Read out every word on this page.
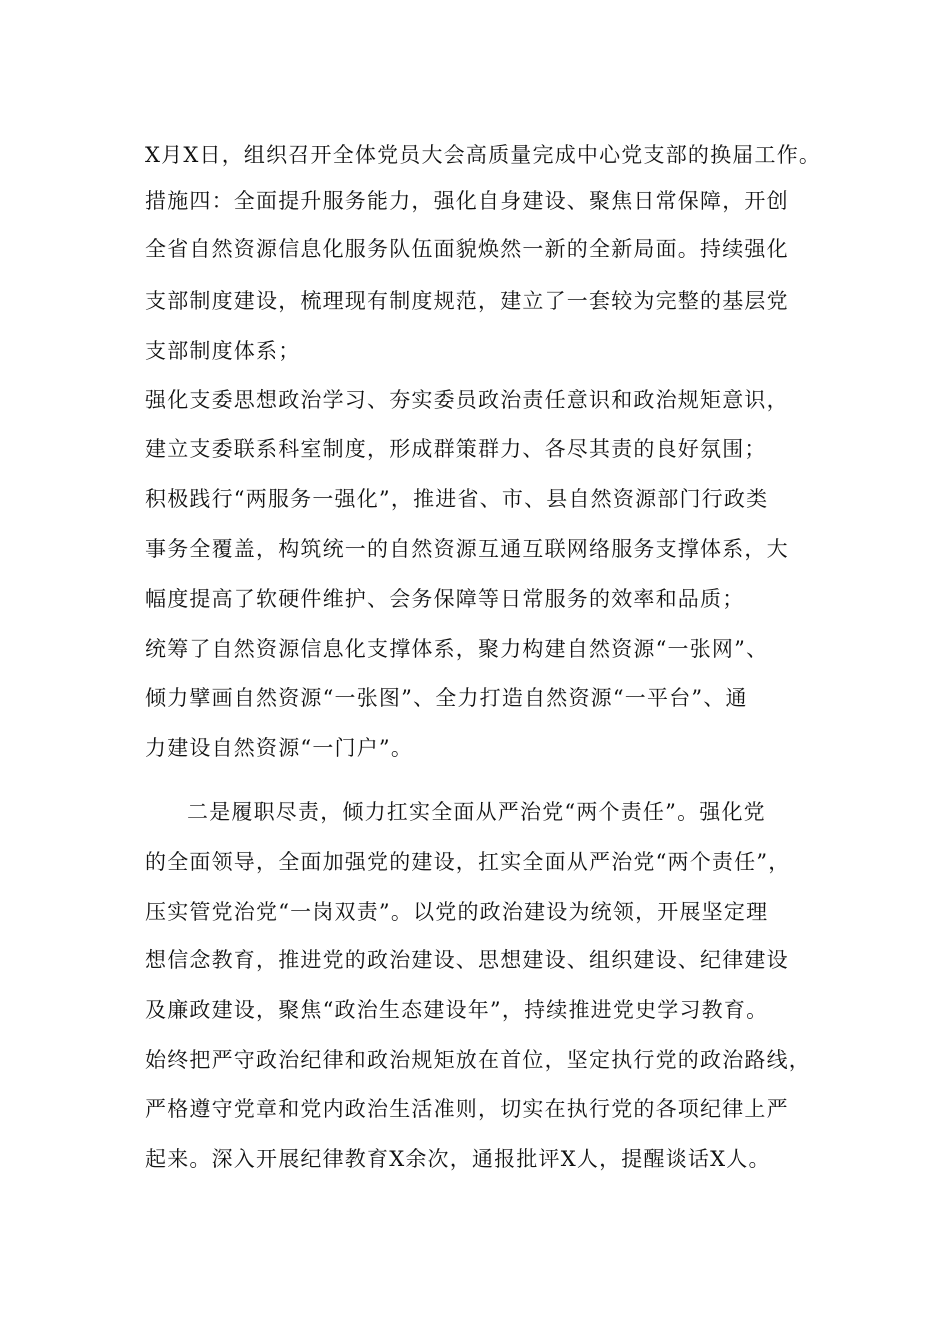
X月X日，组织召开全体党员大会高质量完成中心党支部的换届工作。

措施四：全面提升服务能力，强化自身建设、聚焦日常保障，开创

全省自然资源信息化服务队伍面貌焕然一新的全新局面。持续强化

支部制度建设，梳理现有制度规范，建立了一套较为完整的基层党

支部制度体系；

强化支委思想政治学习、夯实委员政治责任意识和政治规矩意识，

建立支委联系科室制度，形成群策群力、各尽其责的良好氛围；

积极践行“两服务一强化”，推进省、市、县自然资源部门行政类

事务全覆盖，构筑统一的自然资源互通互联网络服务支撑体系，大

幅度提高了软硬件维护、会务保障等日常服务的效率和品质；

统筹了自然资源信息化支撑体系，聚力构建自然资源“一张网”、

倾力擘画自然资源“一张图”、全力打造自然资源“一平台”、通

力建设自然资源“一门户”。

二是履职尽责，倾力扛实全面从严治党“两个责任”。强化党

的全面领导，全面加强党的建设，扛实全面从严治党“两个责任”，

压实管党治党“一岗双责”。以党的政治建设为统领，开展坚定理

想信念教育，推进党的政治建设、思想建设、组织建设、纪律建设

及廉政建设，聚焦“政治生态建设年”，持续推进党史学习教育。

始终把严守政治纪律和政治规矩放在首位，坚定执行党的政治路线，

严格遵守党章和党内政治生活准则，切实在执行党的各项纪律上严

起来。深入开展纪律教育X余次，通报批评X人，提醒谈话X人。
